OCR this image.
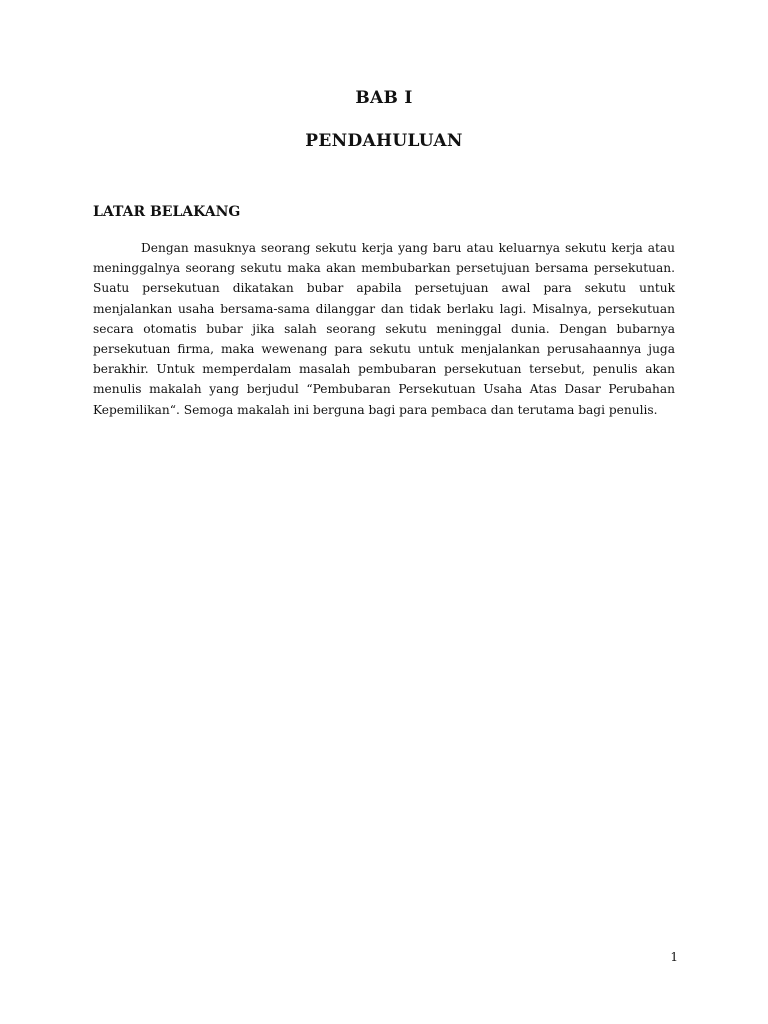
BAB I
PENDAHULUAN
LATAR BELAKANG

Dengan masuknya seorang sekutu kerja yang baru atau keluarnya sekutu kerja atau meninggalnya seorang sekutu maka akan membubarkan persetujuan bersama persekutuan. Suatu persekutuan dikatakan bubar apabila persetujuan awal para sekutu untuk menjalankan usaha bersama-sama dilanggar dan tidak berlaku lagi. Misalnya, persekutuan secara otomatis bubar jika salah seorang sekutu meninggal dunia. Dengan bubarnya persekutuan firma, maka wewenang para sekutu untuk menjalankan perusahaannya juga berakhir. Untuk memperdalam masalah pembubaran persekutuan tersebut, penulis akan menulis makalah yang berjudul “Pembubaran Persekutuan Usaha Atas Dasar Perubahan Kepemilikan“. Semoga makalah ini berguna bagi para pembaca dan terutama bagi penulis.

1
